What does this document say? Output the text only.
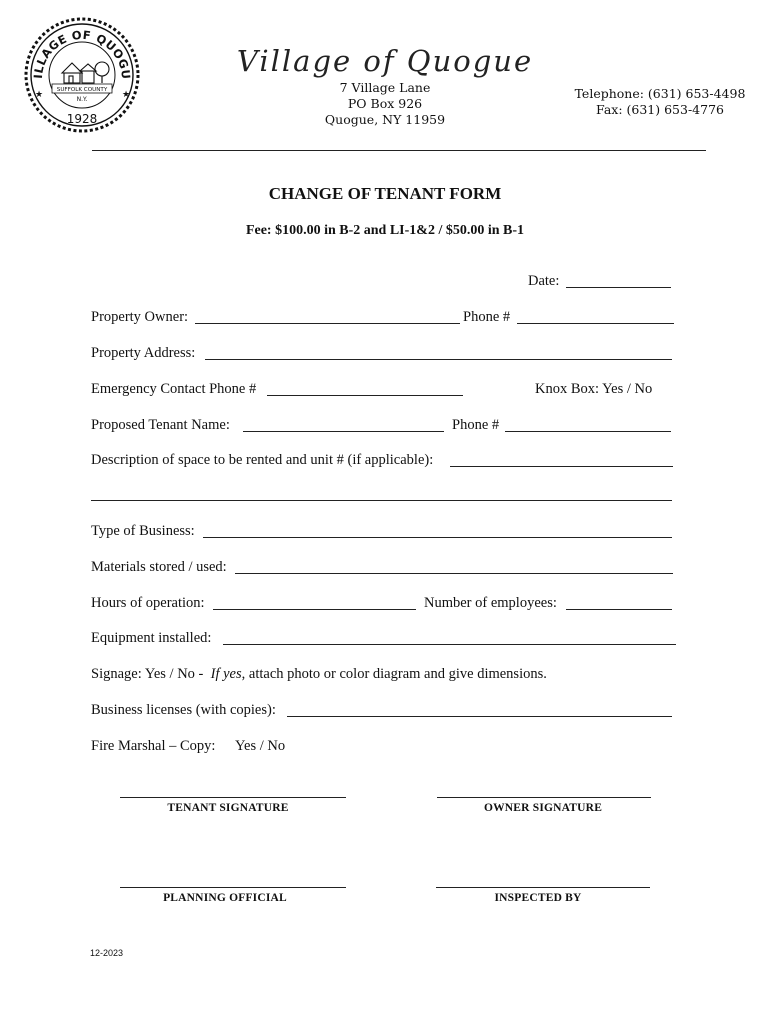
ILLAGE OF QUOGU
SUFFOLK COUNTY
N.Y.
1928
★	★
Village of Quogue
7 Village Lane
PO Box 926
Quogue, NY 11959
Telephone: (631) 653-4498
Fax: (631) 653-4776
CHANGE OF TENANT FORM
Fee: $100.00 in B-2 and LI-1&2 / $50.00 in B-1
Date:
Property Owner:	Phone #
Property Address:
Emergency Contact Phone #	Knox Box: Yes / No
Proposed Tenant Name:	Phone #
Description of space to be rented and unit # (if applicable):
Type of Business:
Materials stored / used:
Hours of operation:	Number of employees:
Equipment installed:
Signage: Yes / No - If yes, attach photo or color diagram and give dimensions.
Business licenses (with copies):
Fire Marshal – Copy: Yes / No
TENANT SIGNATURE	OWNER SIGNATURE
PLANNING OFFICIAL	INSPECTED BY
12-2023
